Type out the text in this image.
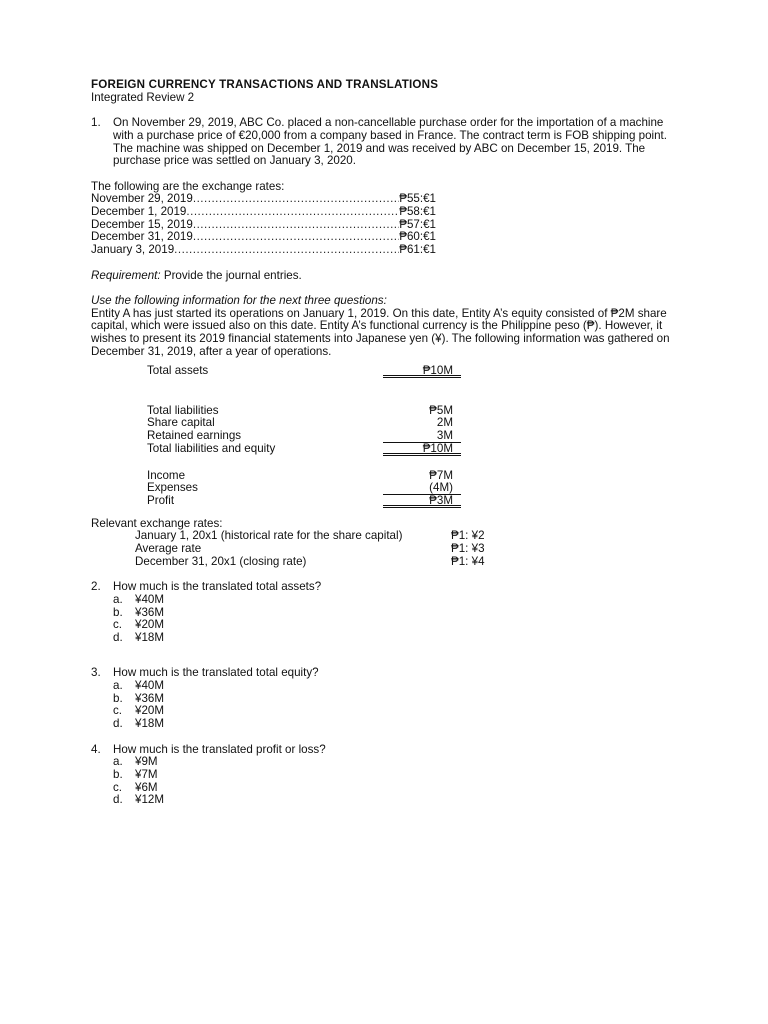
FOREIGN CURRENCY TRANSACTIONS AND TRANSLATIONS
Integrated Review 2
1.	On November 29, 2019, ABC Co. placed a non-cancellable purchase order for the importation of a machine with a purchase price of €20,000 from a company based in France. The contract term is FOB shipping point. The machine was shipped on December 1, 2019 and was received by ABC on December 15, 2019. The purchase price was settled on January 3, 2020.
The following are the exchange rates:
November 29, 2019 .....	₱55:€1
December 1, 2019 .....	₱58:€1
December 15, 2019 .....	₱57:€1
December 31, 2019 .....	₱60:€1
January 3, 2019 .....	₱61:€1
Requirement: Provide the journal entries.
Use the following information for the next three questions:
Entity A has just started its operations on January 1, 2019. On this date, Entity A’s equity consisted of ₱2M share capital, which were issued also on this date. Entity A’s functional currency is the Philippine peso (₱). However, it wishes to present its 2019 financial statements into Japanese yen (¥). The following information was gathered on December 31, 2019, after a year of operations.
Total assets	₱10M
Total liabilities	₱5M
Share capital	2M
Retained earnings	3M
Total liabilities and equity	₱10M
Income	₱7M
Expenses	(4M)
Profit	₱3M
Relevant exchange rates:
January 1, 20x1 (historical rate for the share capital)	₱1: ¥2
Average rate	₱1: ¥3
December 31, 20x1 (closing rate)	₱1: ¥4
2.	How much is the translated total assets?
a.	¥40M
b.	¥36M
c.	¥20M
d.	¥18M
3.	How much is the translated total equity?
a.	¥40M
b.	¥36M
c.	¥20M
d.	¥18M
4.	How much is the translated profit or loss?
a.	¥9M
b.	¥7M
c.	¥6M
d.	¥12M
